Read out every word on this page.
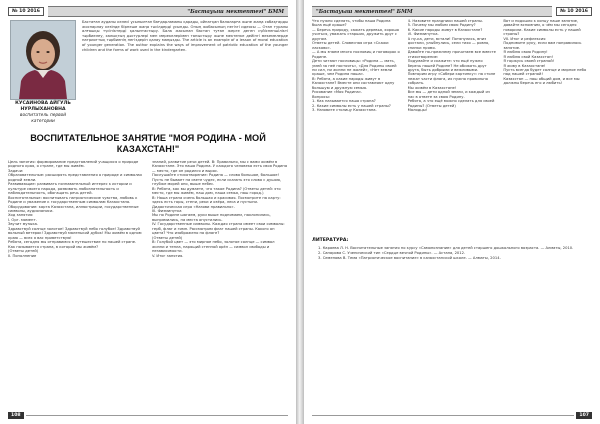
№ 10 2016	"Бастауыш мектептегі" БММ
КУСАИНОВА АЙГУЛЬ НУРЛЫХАНОВНА
воспитатель первой категории

Бастаған ауданы келесі ұсынылған бағдарламаны қарады, ойнатқан балаларға және жаңа сабақтарды жоспарлау кезінде бірнеше жаңа тәсілдерді ұсынды. Оның жобасының негізгі идеясы — Отан туралы алғашқы түсініктерді қалыптастыру. Бала жасынан бастап туған жерге деген сүйіспеншілікті тәрбиелеу, халықтың дәстүрлері мен мерекелерімен таныстыру және мектепке дейінгі мекемелерде патриоттық тәрбиенің негіздерін қалау маңызды. The article is an example of a lesson of moral education of younger generation. The author explains the ways of improvement of patriotic education of the younger children and the forms of work used in the kindergarten.

ВОСПИТАТЕЛЬНОЕ ЗАНЯТИЕ "МОЯ РОДИНА - МОЙ КАЗАХСТАН!"

Цель занятия: формирование представлений учащихся о природе родного края, о стране, где мы живём.

Задачи:

Образовательные: расширять представления о природе и символах родной земли.

Развивающие: развивать познавательный интерес к истории и культуре своего народа, развивать любознательность и наблюдательность, обогащать речь детей.

Воспитательные: воспитывать патриотические чувства, любовь к Родине и уважение к государственным символам Казахстана.

Оборудование: карта Казахстана, иллюстрации, государственные символы, аудиозаписи.

Ход занятия:

I. Орг. момент.

Звучит музыка.

Здравствуй солнце золотое! Здравствуй небо голубое! Здравствуй вольный ветерок! Здравствуй маленький дубок! Мы живём в одном краю — всех я вас приветствую!

Ребята, сегодня мы отправимся в путешествие по нашей стране. Как называется страна, в которой мы живём?

(Ответы детей)

II. Пополнение

знаний, развитие речи детей. В: Правильно, мы с вами живём в Казахстане. Это наша Родина. У каждого человека есть своя Родина — место, где он родился и вырос.

Послушайте стихотворение: Родина — слово большое, большое! Пусть не бывает на свете чудес, если сказать это слово с душою, глубже морей оно, выше небес.

В: Ребята, как вы думаете, что такое Родина? (Ответы детей: это место, где мы живём, наш дом, наша семья, наш город.)

В: Наша страна очень большая и красивая. Посмотрите на карту: здесь есть горы, степи, реки и озёра, леса и пустыни.

Дидактическая игра «Назови правильно».

III. Физминутка

Мы по Родине шагаем, руки выше поднимаем, наклонились, выпрямились, на места опустились.

IV. Государственные символы. Каждая страна имеет свои символы: герб, флаг и гимн. Рассмотрим флаг нашей страны. Какого он цвета? Что изображено на флаге?

(Ответы детей)

В: Голубой цвет — это мирное небо, золотое солнце — символ жизни и тепла, парящий степной орёл — символ свободы и независимости.

V. Итог занятия.

108
"Бастауыш мектептегі" БММ	№ 10 2016

Что нужно сделать, чтобы наша Родина была ещё краше?

— Беречь природу, сажать деревья, хорошо учиться, уважать старших, дружить друг с другом.

Ответы детей. Словесная игра «Скажи ласково».

— А мы знаем много пословиц и поговорок о Родине.

Дети читают пословицы: «Родина — мать, умей за неё постоять», «Для Родины своей ни сил, ни жизни не жалей», «Нет земли краше, чем Родина наша».

В: Ребята, а какие народы живут в Казахстане? Вместе они составляют одну большую и дружную семью.

Рисование «Моя Родина».

Вопросы:

1. Как называется наша страна?

2. Какие символы есть у нашей страны?

3. Назовите столицу Казахстана.

4. Назовите праздники нашей страны.

5. Почему мы любим свою Родину?

6. Какие народы живут в Казахстане?

VI. Физминутка.

А ну-ка, дети, встали! Потянулись, вниз достали, улыбнулись, сели тихо — ровно, спинки прямо.

Давайте по-прежнему прочитаем все вместе стихотворение:

Подумайте и скажите: что ещё нужно беречь нашей Родине? Не обижать друг друга, быть добрыми и вежливыми.

Повторим игру «Собери картинку»: на столе лежат части флага, их нужно правильно собрать.

Мы живём в Казахстане!

Все мы — дети одной земли, и каждый из нас в ответе за свою Родину.

Ребята, а что ещё можно сделать для своей Родины? (Ответы детей)

Молодцы!

Вот и подошло к концу наше занятие, давайте вспомним, о чём мы сегодня говорили. Какие символы есть у нашей страны?

VII. Итог и рефлексия

Поднимите руку, если вам понравилось занятие.

Я люблю свою Родину!

Я люблю свой Казахстан!

Я горжусь своей страной!

Я живу в Казахстане!

Пусть всегда будет солнце и мирное небо над нашей страной!

Казахстан — наш общий дом, и все мы должны беречь его и любить!

ЛИТЕРАТУРА:
1. Караева Л. Н. Воспитательные занятия по курсу «Самопознание» для детей старшего дошкольного возраста. — Алматы, 2010.
2. Сапарова С. Ученический тип «Сердце вечной Родины». — Астана, 2012.
3. Семенова В. Тема «Патриотическое воспитание» в казахстанской школе. — Алматы, 2014.
107
